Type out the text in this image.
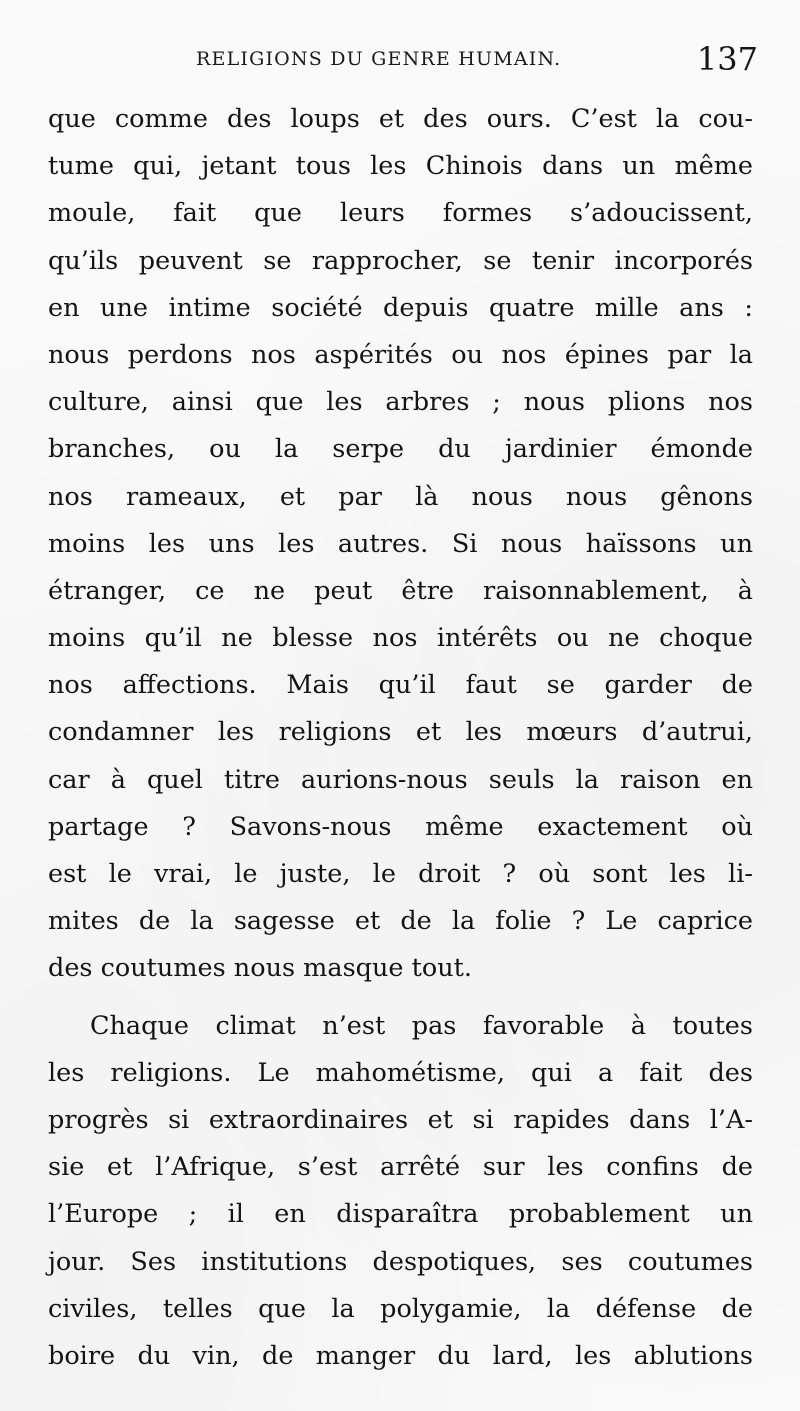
RELIGIONS DU GENRE HUMAIN.	137
que comme des loups et des ours. C’est la cou-
tume qui, jetant tous les Chinois dans un même
moule, fait que leurs formes s’adoucissent,
qu’ils peuvent se rapprocher, se tenir incorporés
en une intime société depuis quatre mille ans :
nous perdons nos aspérités ou nos épines par la
culture, ainsi que les arbres ; nous plions nos
branches, ou la serpe du jardinier émonde
nos rameaux, et par là nous nous gênons
moins les uns les autres. Si nous haïssons un
étranger, ce ne peut être raisonnablement, à
moins qu’il ne blesse nos intérêts ou ne choque
nos affections. Mais qu’il faut se garder de
condamner les religions et les mœurs d’autrui,
car à quel titre aurions-nous seuls la raison en
partage ? Savons-nous même exactement où
est le vrai, le juste, le droit ? où sont les li-
mites de la sagesse et de la folie ? Le caprice
des coutumes nous masque tout.
Chaque climat n’est pas favorable à toutes
les religions. Le mahométisme, qui a fait des
progrès si extraordinaires et si rapides dans l’A-
sie et l’Afrique, s’est arrêté sur les confins de
l’Europe ; il en disparaîtra probablement un
jour. Ses institutions despotiques, ses coutumes
civiles, telles que la polygamie, la défense de
boire du vin, de manger du lard, les ablutions
